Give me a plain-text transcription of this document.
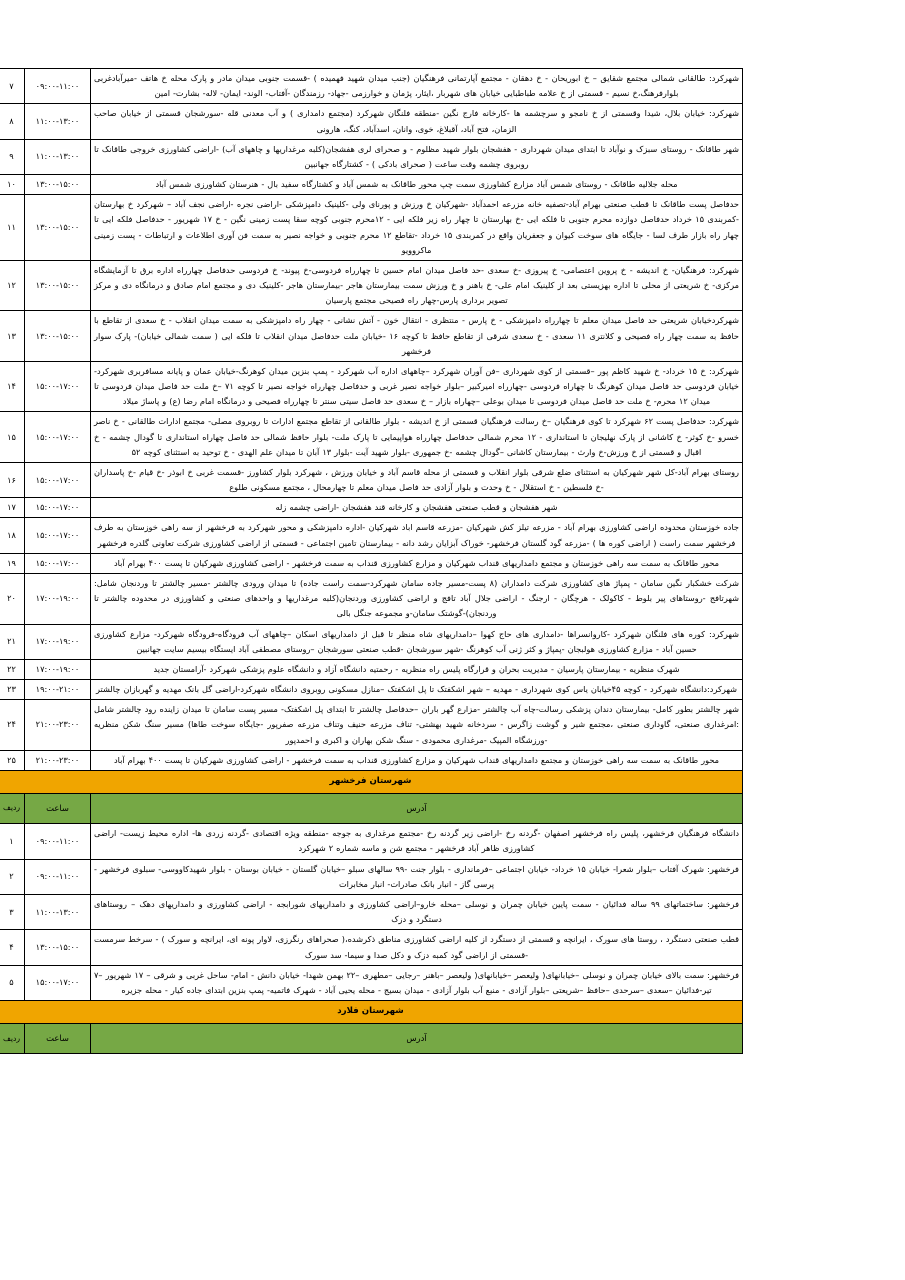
شهرکرد: طالقانی شمالی مجتمع شقایق – خ ابوریحان - خ دهقان - مجتمع آپارتمانی فرهنگیان (جنب میدان شهید فهمیده ) -قسمت جنوبی میدان مادر و پارک محله خ هاتف -میرآبادغربی بلوارفرهنگ،خ نسیم - قسمتی از خ علامه طباطبایی خیابان های شهربار ،ایثار، پژمان و خوارزمی -جهاد- رزمندگان -آفتاب- الوند- ایمان- لاله- بشارت- امین	۰۹:۰۰-۱۱:۰۰	۷
شهرکرد: خیابان بلال، شیدا وقسمتی از خ نامجو و سرچشمه ها -کارخانه فارج نگین -منطقه فلنگان شهرکرد (مجتمع دامداری ) و آب معدنی قله -سورشجان قسمتی از خیابان صاحب الزمان، فتح آباد، آقبلاغ، خوی، وانان، اسدآباد، کنگ، هارونی	۱۱:۰۰-۱۳:۰۰	۸
شهر طاقانک - روستای سبزک و نوآباد تا ابتدای میدان شهرداری - هفشجان بلوار شهید مظلوم - و صحرای لری هفشجان(کلبه مرغداریها و چاههای آب) -اراضی کشاورزی خروجی طاقانک تا روبروی چشمه وقت ساعت ( صحرای بادکی ) - کشتارگاه جهانبین	۱۱:۰۰-۱۳:۰۰	۹
محله جلالیه طاقانک - روستای شمس آباد مزارع کشاورزی سمت چپ محور طاقانک به شمس آباد و کشتارگاه سفید بال - هنرستان کشاورزی شمس آباد	۱۳:۰۰-۱۵:۰۰	۱۰
حدفاصل پست طاقانک تا قطب صنعتی بهرام آباد-تصفیه خانه مزرعه احمدآباد -شهرکیان خ ورزش و پورنای ولی -کلینیک دامپزشکی -اراضی نجره -اراضی نجف آباد – شهرکرد خ بهارستان -کمربندی ۱۵ خرداد حدفاصل دوازده محرم جنوبی تا فلکه ایی -خ بهارستان تا چهار راه زیر فلکه ایی - ۱۲محرم جنوبی کوچه سقا پست زمینی نگین - خ ۱۷ شهریور - حدفاصل فلکه ایی تا چهار راه بازار طرف لسا - جایگاه های سوخت کیوان و جعفریان واقع در کمربندی ۱۵ خرداد -تقاطع ۱۲ محرم جنوبی و خواجه نصیر به سمت فن آوری اطلاعات و ارتباطات - پست زمینی ماکروویو	۱۳:۰۰-۱۵:۰۰	۱۱
شهرکرد: فرهنگیان- خ اندیشه - خ پروین اعتصامی- خ پیروزی -خ سعدی -حد فاصل میدان امام حسین تا چهارراه فردوسی-خ پیوند- خ فردوسی حدفاصل چهارراه اداره برق تا آزمایشگاه مرکزی- خ شریعتی از محلی تا اداره بهزیستی بعد از کلینیک امام علی- خ باهنر و خ ورزش سمت بیمارستان هاجر -بیمارستان هاجر -کلینیک دی و مجتمع امام صادق و درمانگاه دی و مرکز تصویر برداری پارس-چهار راه فصیحی مجتمع پارسیان	۱۳:۰۰-۱۵:۰۰	۱۲
شهرکردخیابان شریعتی حد فاصل میدان معلم تا چهارراه دامپزشکی - خ پارس - منتظری - انتقال خون - آتش نشانی - چهار راه دامپزشکی به سمت میدان انقلاب - خ سعدی از تقاطع با حافظ به سمت چهار راه فصیحی و کلانتری ۱۱ سعدی - خ سعدی شرقی از تقاطع حافظ تا کوچه ۱۶ -خیابان ملت حدفاصل میدان انقلاب تا فلکه ایی ( سمت شمالی خیابان)- پارک سوار فرخشهر	۱۳:۰۰-۱۵:۰۰	۱۳
شهرکرد: خ ۱۵ خرداد- خ شهید کاظم پور –قسمتی از کوی شهرداری –فن آوران شهرکرد –چاههای اداره آب شهرکرد - پمپ بنزین میدان کوهرنگ-خیابان عمان و پایانه مسافربری شهرکرد- خیابان فردوسی حد فاصل میدان کوهرنگ تا چهاراه فردوسی -چهارراه امیرکبیر –بلوار خواجه نصیر غربی و حدفاصل چهارراه خواجه نصیر تا کوچه ۷۱ –خ ملت حد فاصل میدان فردوسی تا میدان ۱۲ محرم- خ ملت حد فاصل میدان فردوسی تا میدان بوعلی –چهاراه بازار – خ سعدی حد فاصل سیتی سنتر تا چهارراه فصیحی و درمانگاه امام رضا (ع) و پاساژ میلاد	۱۵:۰۰-۱۷:۰۰	۱۴
شهرکرد: حدفاصل پست ۶۲ شهرکرد تا کوی فرهنگیان –خ رسالت فرهنگیان قسمتی از خ اندیشه - بلوار طالقانی از تقاطع مجتمع ادارات تا روبروی مصلی- مجتمع ادارات طالقانی - خ ناصر خسرو -خ کوثر- خ کاشانی از پارک نهلیجان تا استانداری - ۱۲ محرم شمالی حدفاصل چهارراه هواپیمایی تا پارک ملت- بلوار حافظ شمالی حد فاصل چهاراه استانداری تا گودال چشمه - خ اقبال و قسمتی از خ ورزش-خ وارث - بیمارستان کاشانی –گودال چشمه -خ جمهوری -بلوار شهید آیت -بلوار ۱۳ آبان تا میدان علم الهدی - خ توحید به استثنای کوچه ۵۲	۱۵:۰۰-۱۷:۰۰	۱۵
روستای بهرام آباد-کل شهر شهرکیان به استثنای ضلع شرقی بلوار انقلاب و قسمتی از محله قاسم آباد و خیابان ورزش ، شهرکرد بلوار کشاورز -قسمت غربی خ ابوذر -خ قیام -خ پاسداران -خ فلسطین - خ استقلال - خ وحدت و بلوار آزادی حد فاصل میدان معلم تا چهارمحال ، مجتمع مسکونی طلوع	۱۵:۰۰-۱۷:۰۰	۱۶
شهر هفشجان و قطب صنعتی هفشجان و کارخانه قند هفشجان -اراضی چشمه زله	۱۵:۰۰-۱۷:۰۰	۱۷
جاده خوزستان محدوده اراضی کشاورزی بهرام آباد - مزرعه تیلز کش شهرکیان -مزرعه قاسم اباد شهرکیان -اداره دامپزشکی و محور شهرکرد به فرخشهر از سه راهی خوزستان به طرف فرخشهر سمت راست ( اراضی کوره ها ) -مزرعه گود گلستان فرخشهر- خوراک آبزایان رشد دانه - بیمارستان تامین اجتماعی - قسمتی از اراضی کشاورزی شرکت تعاونی گلدره فرخشهر	۱۵:۰۰-۱۷:۰۰	۱۸
محور طاقانک به سمت سه راهی خوزستان و مجتمع دامداریهای قنداب شهرکیان و مزارع کشاورزی قنداب به سمت فرخشهر - اراضی کشاورزی شهرکیان تا پست ۴۰۰ بهرام آباد	۱۵:۰۰-۱۷:۰۰	۱۹
شرکت خشکبار نگین سامان - پمپاژ های کشاورزی شرکت دامداران (۸ پست-مسیر جاده سامان شهرکرد-سمت راست جاده) تا میدان ورودی چالشتر -مسیر چالشتر تا وردنجان شامل: شهرتافج -روستاهای پیر بلوط - کاکولک - هرچگان - ارجنگ - اراضی جلال آباد تافج و اراضی کشاورزی وردنجان(کلبه مرغداریها و واحدهای صنعتی و کشاورزی در محدوده چالشتر تا وردنجان)-گوشتک سامان-و مجموعه جنگل بالی	۱۷:۰۰-۱۹:۰۰	۲۰
شهرکرد: کوره های فلنگان شهرکرد -کاروانسراها -دامداری های حاج کهوا –دامداریهای شاه منظر تا قبل از دامداریهای اسکان –چاههای آب فرودگاه-فرودگاه شهرکرد- مزارع کشاورزی حسین آباد - مزارع کشاورزی هولبجان -پمپاژ و کثر ژنی آب کوهرنگ -شهر سورشجان -قطب صنعتی سورشجان –روستای مصطفی آباد ایستگاه بیسیم سایت جهانبین	۱۷:۰۰-۱۹:۰۰	۲۱
شهرک منظریه - بیمارستان پارسیان - مدیریت بحران و قرارگاه پلیس راه منظریه - رحمتیه دانشگاه آزاد و دانشگاه علوم پزشکی شهرکرد -آرامستان جدید	۱۷:۰۰-۱۹:۰۰	۲۲
شهرکرد:دانشگاه شهرکرد - کوچه ۴۵خیابان یاس کوی شهرداری - مهدیه – شهر اشکفتک تا پل اشکفتک –منازل مسکونی روبروی دانشگاه شهرکرد-اراضی گل بانک مهدیه و گهربازان چالشتر	۱۹:۰۰-۲۱:۰۰	۲۳
شهر چالشتر بطور کامل- بیمارستان دندان پزشکی رسالت-چاه آب چالشتر -مزارع گهر باران –حدفاصل چالشتر تا ابتدای پل اشکفتک- مسیر پست سامان تا میدان زاینده رود چالشتر شامل :امرغداری صنعتی، گاوداری صنعتی ،مجتمع شیر و گوشت زاگرس - سردخانه شهید بهشتی- تناف مزرعه حنیف وتناف مزرعه صفرپور -جایگاه سوخت طاها) مسیر سنگ شکن منظریه -ورزشگاه المپیک -مرغداری محمودی - سنگ شکن بهاران و اکبری و احمدپور	۲۱:۰۰-۲۳:۰۰	۲۴
محور طاقانک به سمت سه راهی خوزستان و مجتمع دامداریهای قنداب شهرکیان و مزارع کشاورزی قنداب به سمت فرخشهر - اراضی کشاورزی شهرکیان تا پست ۴۰۰ بهرام آباد	۲۱:۰۰-۲۳:۰۰	۲۵
شهرستان فرخشهر		
آدرس	ساعت	ردیف
دانشگاه فرهنگیان فرخشهر، پلیس راه فرخشهر اصفهان -گردنه رخ -اراضی زیر گردنه رخ -مجتمع مرغداری به جوجه -منطقه ویژه اقتصادی -گردنه زردی ها- اداره محیط زیست- اراضی کشاورزی ظاهر آباد فرخشهر - مجتمع شن و ماسه شماره ۲ شهرکرد	۰۹:۰۰-۱۱:۰۰	۱
فرخشهر: شهرک آفتاب –بلوار شعرا- خیابان ۱۵ خرداد- خیابان اجتماعی –فرمانداری - بلوار جنت -۹۹ سالهای سبلو –خیابان گلستان - خیابان بوستان - بلوار شهیدکاووسی- سبلوی فرخشهر - پرسی گاز - انبار بانک صادرات- انبار مخابرات	۰۹:۰۰-۱۱:۰۰	۲
فرخشهر: ساختماتهای ۹۹ ساله فدائیان - سمت پایین خیابان چمران و نوسلی –محله خارو–اراضی کشاورزی و دامداریهای شورابجه - اراضی کشاورزی و دامداریهای دهک – روستاهای دستگرد و دزک	۱۱:۰۰-۱۳:۰۰	۳
قطب صنعتی دستگرد ، روستا های سورک ، ایرانچه و قسمتی از دستگرد از کلیه اراضی کشاورزی مناطق ذکرشده،( صحراهای رنگرزی، لاوار پونه ای، ایرانچه و سورک ) - سرخط سرمست -قسمتی از اراضی گود کمبه دزک و دکل صدا و سیما- سد سورک	۱۳:۰۰-۱۵:۰۰	۴
فرخشهر: سمت بالای خیابان چمران و نوسلی –خیابانهای( ولیعصر –خیابانهای( ولیعصر –باهنر –رجایی –مطهری –۲۲ بهمن شهدا- خیابان دانش - امام- ساحل غربی و شرقی – ۱۷ شهریور –۷ تیر-فدائیان –سعدی –سرحدی –حافظ –شریعتی –بلوار آزادی - منبع آب بلوار آزادی - میدان بسیج - محله یحیی آباد - شهرک فاتمیه- پمپ بنزین ابتدای جاده کیار - محله جزیره	۱۵:۰۰-۱۷:۰۰	۵
شهرستان فلارد		
آدرس	ساعت	ردیف
